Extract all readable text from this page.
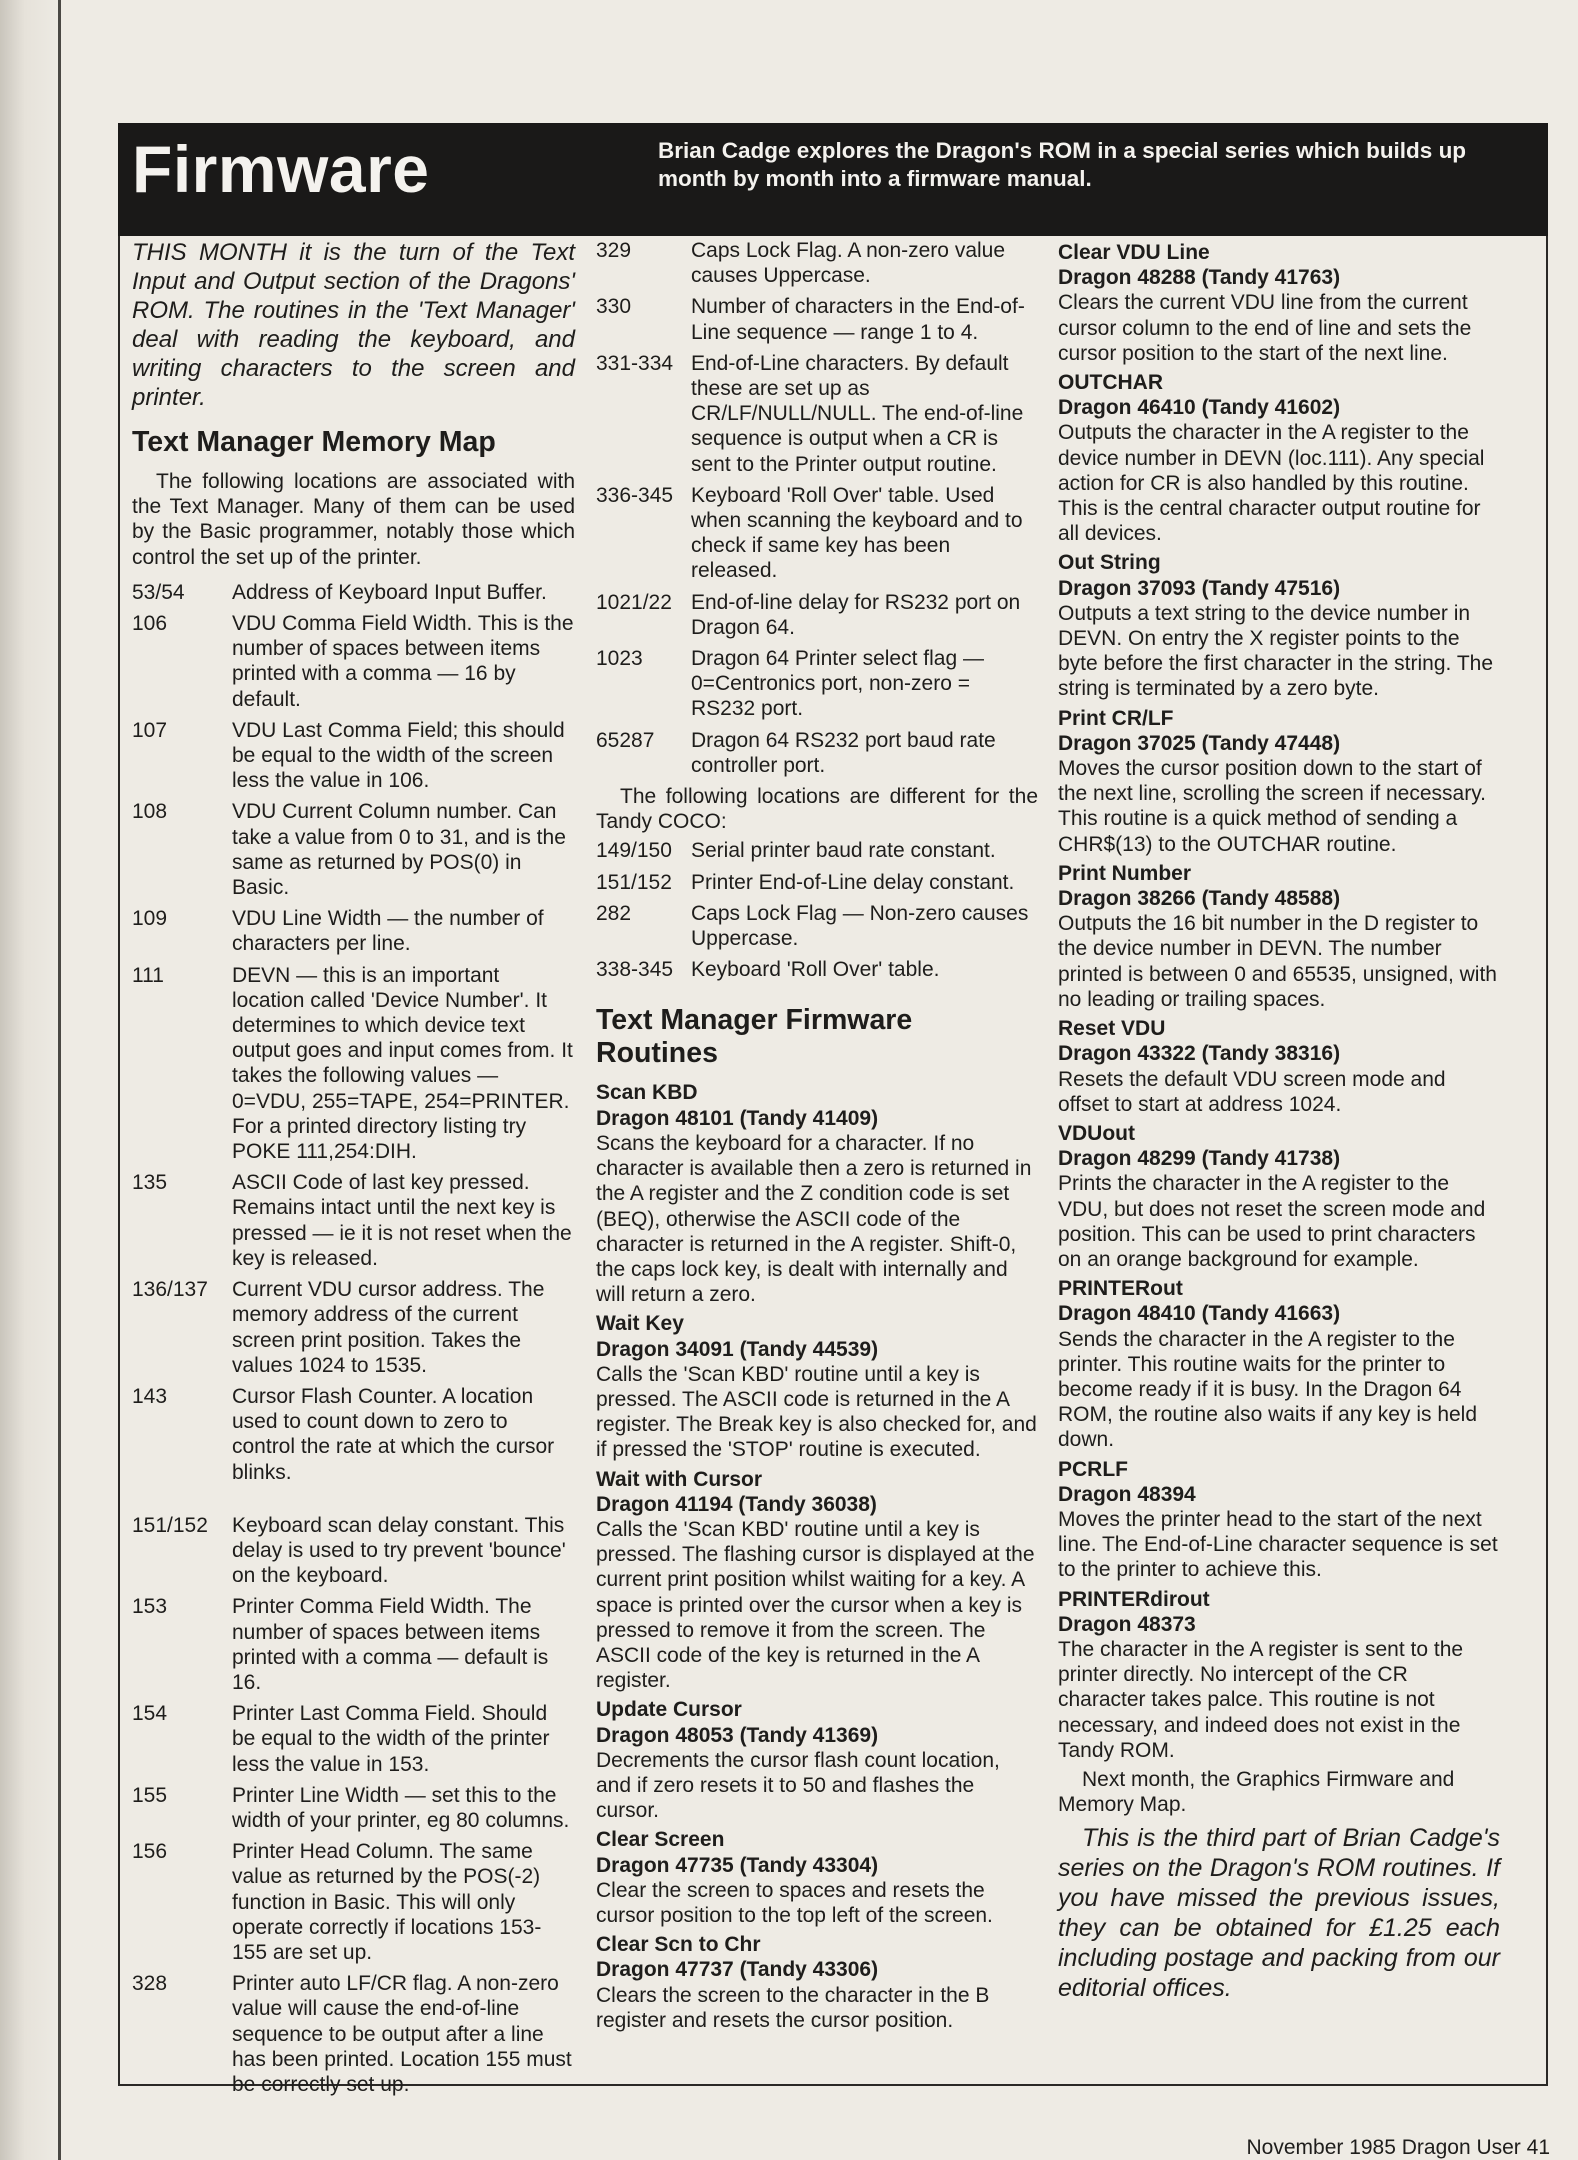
Firmware	Brian Cadge explores the Dragon's ROM in a special series which builds up month by month into a firmware manual.

THIS MONTH it is the turn of the Text Input and Output section of the Dragons' ROM. The routines in the 'Text Manager' deal with reading the keyboard, and writing characters to the screen and printer.

Text Manager Memory Map

The following locations are associated with the Text Manager. Many of them can be used by the Basic programmer, notably those which control the set up of the printer.

53/54	Address of Keyboard Input Buffer.
106	VDU Comma Field Width. This is the number of spaces between items printed with a comma — 16 by default.
107	VDU Last Comma Field; this should be equal to the width of the screen less the value in 106.
108	VDU Current Column number. Can take a value from 0 to 31, and is the same as returned by POS(0) in Basic.
109	VDU Line Width — the number of characters per line.
111	DEVN — this is an important location called 'Device Number'. It determines to which device text output goes and input comes from. It takes the following values — 0=VDU, 255=TAPE, 254=PRINTER. For a printed directory listing try POKE 111,254:DIH.
135	ASCII Code of last key pressed. Remains intact until the next key is pressed — ie it is not reset when the key is released.
136/137	Current VDU cursor address. The memory address of the current screen print position. Takes the values 1024 to 1535.
143	Cursor Flash Counter. A location used to count down to zero to control the rate at which the cursor blinks.
151/152	Keyboard scan delay constant. This delay is used to try prevent 'bounce' on the keyboard.
153	Printer Comma Field Width. The number of spaces between items printed with a comma — default is 16.
154	Printer Last Comma Field. Should be equal to the width of the printer less the value in 153.
155	Printer Line Width — set this to the width of your printer, eg 80 columns.
156	Printer Head Column. The same value as returned by the POS(-2) function in Basic. This will only operate correctly if locations 153-155 are set up.
328	Printer auto LF/CR flag. A non-zero value will cause the end-of-line sequence to be output after a line has been printed. Location 155 must be correctly set up.
329	Caps Lock Flag. A non-zero value causes Uppercase.
330	Number of characters in the End-of-Line sequence — range 1 to 4.
331-334 End-of-Line characters. By default these are set up as CR/LF/NULL/NULL. The end-of-line sequence is output when a CR is sent to the Printer output routine.
336-345 Keyboard 'Roll Over' table. Used when scanning the keyboard and to check if same key has been released.
1021/22 End-of-line delay for RS232 port on Dragon 64.
1023	Dragon 64 Printer select flag — 0=Centronics port, non-zero = RS232 port.
65287	Dragon 64 RS232 port baud rate controller port.

The following locations are different for the Tandy COCO:

149/150 Serial printer baud rate constant.
151/152 Printer End-of-Line delay constant.
282	Caps Lock Flag — Non-zero causes Uppercase.
338-345 Keyboard 'Roll Over' table.
Text Manager Firmware Routines
Scan KBD
Dragon 48101 (Tandy 41409)

Scans the keyboard for a character. If no character is available then a zero is returned in the A register and the Z condition code is set (BEQ), otherwise the ASCII code of the character is returned in the A register. Shift-0, the caps lock key, is dealt with internally and will return a zero.

Wait Key
Dragon 34091 (Tandy 44539)

Calls the 'Scan KBD' routine until a key is pressed. The ASCII code is returned in the A register. The Break key is also checked for, and if pressed the 'STOP' routine is executed.

Wait with Cursor
Dragon 41194 (Tandy 36038)

Calls the 'Scan KBD' routine until a key is pressed. The flashing cursor is displayed at the current print position whilst waiting for a key. A space is printed over the cursor when a key is pressed to remove it from the screen. The ASCII code of the key is returned in the A register.

Update Cursor
Dragon 48053 (Tandy 41369)

Decrements the cursor flash count location, and if zero resets it to 50 and flashes the cursor.

Clear Screen
Dragon 47735 (Tandy 43304)

Clear the screen to spaces and resets the cursor position to the top left of the screen.

Clear Scn to Chr
Dragon 47737 (Tandy 43306)

Clears the screen to the character in the B register and resets the cursor position.

Clear VDU Line
Dragon 48288 (Tandy 41763)

Clears the current VDU line from the current cursor column to the end of line and sets the cursor position to the start of the next line.

OUTCHAR
Dragon 46410 (Tandy 41602)

Outputs the character in the A register to the device number in DEVN (loc.111). Any special action for CR is also handled by this routine. This is the central character output routine for all devices.

Out String
Dragon 37093 (Tandy 47516)

Outputs a text string to the device number in DEVN. On entry the X register points to the byte before the first character in the string. The string is terminated by a zero byte.

Print CR/LF
Dragon 37025 (Tandy 47448)

Moves the cursor position down to the start of the next line, scrolling the screen if necessary. This routine is a quick method of sending a CHR$(13) to the OUTCHAR routine.

Print Number
Dragon 38266 (Tandy 48588)

Outputs the 16 bit number in the D register to the device number in DEVN. The number printed is between 0 and 65535, unsigned, with no leading or trailing spaces.

Reset VDU
Dragon 43322 (Tandy 38316)

Resets the default VDU screen mode and offset to start at address 1024.

VDUout
Dragon 48299 (Tandy 41738)

Prints the character in the A register to the VDU, but does not reset the screen mode and position. This can be used to print characters on an orange background for example.

PRINTERout
Dragon 48410 (Tandy 41663)

Sends the character in the A register to the printer. This routine waits for the printer to become ready if it is busy. In the Dragon 64 ROM, the routine also waits if any key is held down.

PCRLF
Dragon 48394

Moves the printer head to the start of the next line. The End-of-Line character sequence is set to the printer to achieve this.

PRINTERdirout
Dragon 48373

The character in the A register is sent to the printer directly. No intercept of the CR character takes palce. This routine is not necessary, and indeed does not exist in the Tandy ROM.

Next month, the Graphics Firmware and Memory Map.

This is the third part of Brian Cadge's series on the Dragon's ROM routines. If you have missed the previous issues, they can be obtained for £1.25 each including postage and packing from our editorial offices.

November 1985 Dragon User 41
